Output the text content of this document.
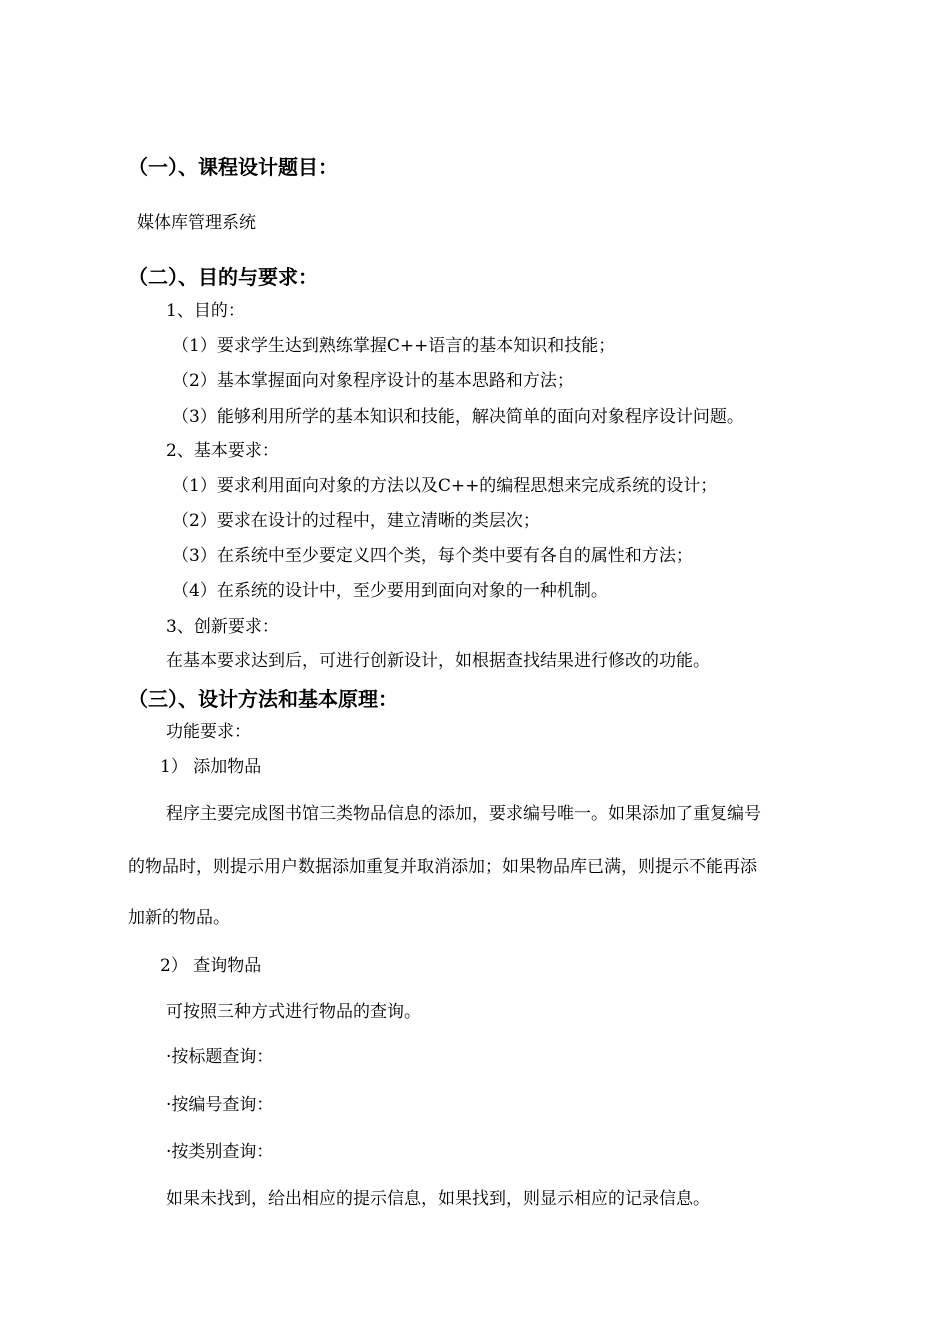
（一）、课程设计题目：
媒体库管理系统
（二）、目的与要求：
1、目的：
（1）要求学生达到熟练掌握C++语言的基本知识和技能；
（2）基本掌握面向对象程序设计的基本思路和方法；
（3）能够利用所学的基本知识和技能，解决简单的面向对象程序设计问题。
2、基本要求：
（1）要求利用面向对象的方法以及C++的编程思想来完成系统的设计；
（2）要求在设计的过程中，建立清晰的类层次；
（3）在系统中至少要定义四个类，每个类中要有各自的属性和方法；
（4）在系统的设计中，至少要用到面向对象的一种机制。
3、创新要求：
在基本要求达到后，可进行创新设计，如根据查找结果进行修改的功能。
（三）、设计方法和基本原理：
功能要求：
1） 添加物品
程序主要完成图书馆三类物品信息的添加，要求编号唯一。如果添加了重复编号
的物品时，则提示用户数据添加重复并取消添加；如果物品库已满，则提示不能再添
加新的物品。
2） 查询物品
可按照三种方式进行物品的查询。
·按标题查询：
·按编号查询：
·按类别查询：
如果未找到，给出相应的提示信息，如果找到，则显示相应的记录信息。
